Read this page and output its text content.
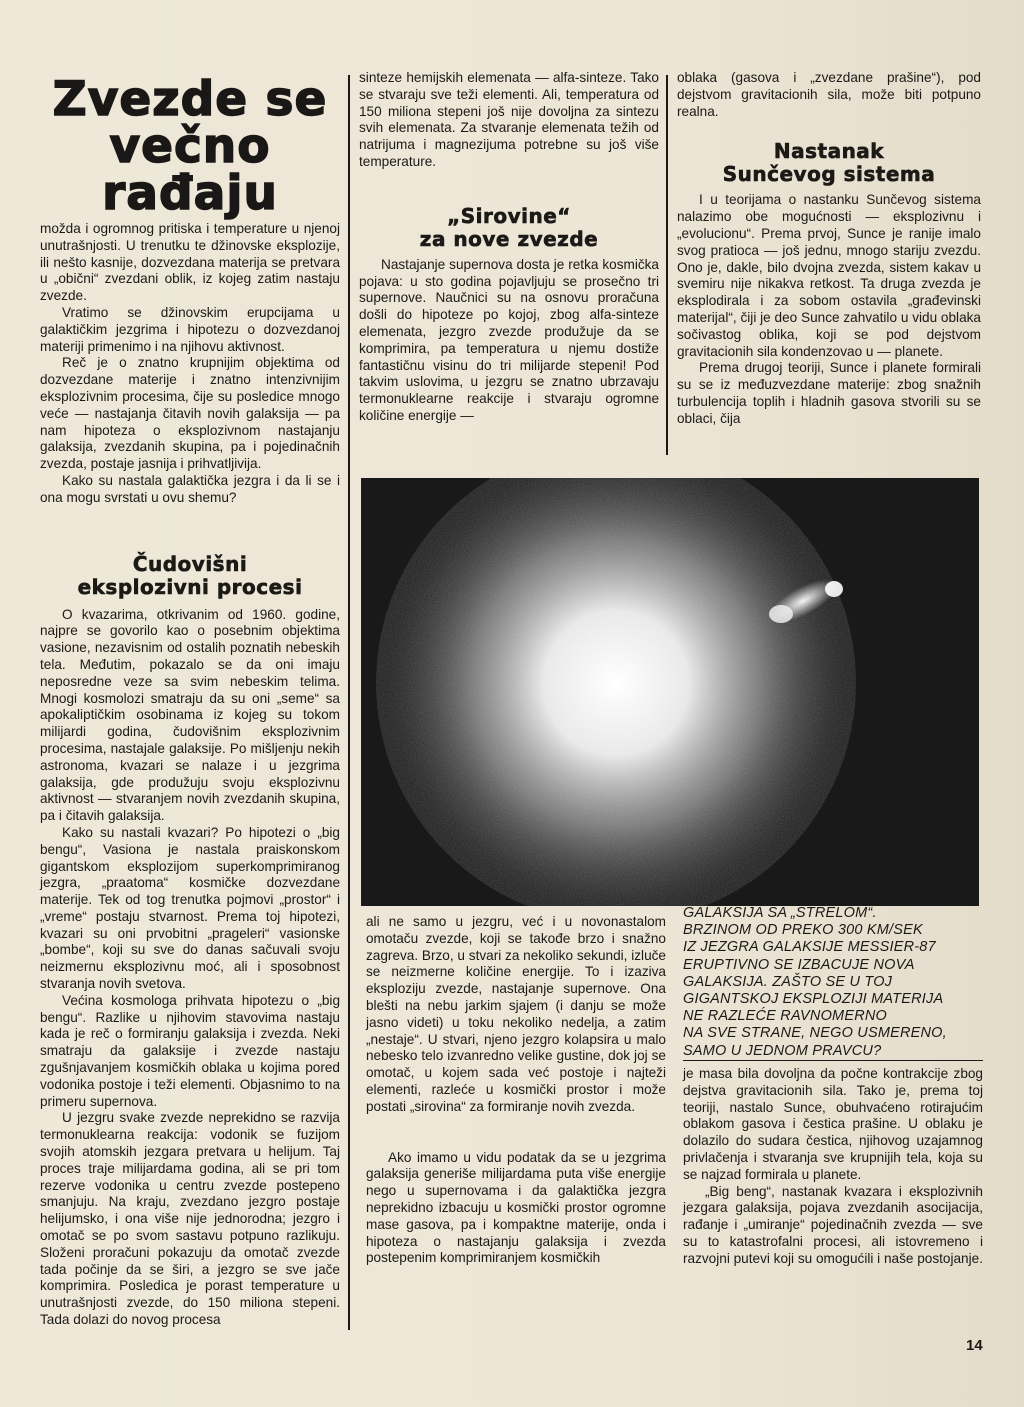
Zvezde se
večno rađaju

možda i ogromnog pritiska i temperature u njenoj unutrašnjosti. U trenutku te džinovske eksplozije, ili nešto kasnije, dozvezdana materija se pretvara u „obični“ zvezdani oblik, iz kojeg zatim nastaju zvezde.

Vratimo se džinovskim erupcijama u galaktičkim jezgrima i hipotezu o dozvezdanoj materiji primenimo i na njihovu aktivnost.

Reč je o znatno krupnijim objektima od dozvezdane materije i znatno intenzivnijim eksplozivnim procesima, čije su posledice mnogo veće — nastajanja čitavih novih galaksija — pa nam hipoteza o eksplozivnom nastajanju galaksija, zvezdanih skupina, pa i pojedinačnih zvezda, postaje jasnija i prihvatljivija.

Kako su nastala galaktička jezgra i da li se i ona mogu svrstati u ovu shemu?

Čudovišni
eksplozivni procesi

O kvazarima, otkrivanim od 1960. godine, najpre se govorilo kao o posebnim objektima vasione, nezavisnim od ostalih poznatih nebeskih tela. Međutim, pokazalo se da oni imaju neposredne veze sa svim nebeskim telima. Mnogi kosmolozi smatraju da su oni „seme“ sa apokaliptičkim osobinama iz kojeg su tokom milijardi godina, čudovišnim eksplozivnim procesima, nastajale galaksije. Po mišljenju nekih astronoma, kvazari se nalaze i u jezgrima galaksija, gde produžuju svoju eksplozivnu aktivnost — stvaranjem novih zvezdanih skupina, pa i čitavih galaksija.

Kako su nastali kvazari? Po hipotezi o „big bengu“, Vasiona je nastala praiskonskom gigantskom eksplozijom superkomprimiranog jezgra, „praatoma“ kosmičke dozvezdane materije. Tek od tog trenutka pojmovi „prostor“ i „vreme“ postaju stvarnost. Prema toj hipotezi, kvazari su oni prvobitni „prageleri“ vasionske „bombe“, koji su sve do danas sačuvali svoju neizmernu eksplozivnu moć, ali i sposobnost stvaranja novih svetova.

Većina kosmologa prihvata hipotezu o „big bengu“. Razlike u njihovim stavovima nastaju kada je reč o formiranju galaksija i zvezda. Neki smatraju da galaksije i zvezde nastaju zgušnjavanjem kosmičkih oblaka u kojima pored vodonika postoje i teži elementi. Objasnimo to na primeru supernova.

U jezgru svake zvezde neprekidno se razvija termonuklearna reakcija: vodonik se fuzijom svojih atomskih jezgara pretvara u helijum. Taj proces traje milijardama godina, ali se pri tom rezerve vodonika u centru zvezde postepeno smanjuju. Na kraju, zvezdano jezgro postaje helijumsko, i ona više nije jednorodna; jezgro i omotač se po svom sastavu potpuno razlikuju. Složeni proračuni pokazuju da omotač zvezde tada počinje da se širi, a jezgro se sve jače komprimira. Posledica je porast temperature u unutrašnjosti zvezde, do 150 miliona stepeni. Tada dolazi do novog procesa

sinteze hemijskih elemenata — alfa-sinteze. Tako se stvaraju sve teži elementi. Ali, temperatura od 150 miliona stepeni još nije dovoljna za sintezu svih elemenata. Za stvaranje elemenata težih od natrijuma i magnezijuma potrebne su još više temperature.

„Sirovine“
za nove zvezde

Nastajanje supernova dosta je retka kosmička pojava: u sto godina pojavljuju se prosečno tri supernove. Naučnici su na osnovu proračuna došli do hipoteze po kojoj, zbog alfa-sinteze elemenata, jezgro zvezde produžuje da se komprimira, pa temperatura u njemu dostiže fantastičnu visinu do tri milijarde stepeni! Pod takvim uslovima, u jezgru se znatno ubrzavaju termonuklearne reakcije i stvaraju ogromne količine energije —

oblaka (gasova i „zvezdane prašine“), pod dejstvom gravitacionih sila, može biti potpuno realna.

Nastanak
Sunčevog sistema

I u teorijama o nastanku Sunčevog sistema nalazimo obe mogućnosti — eksplozivnu i „evolucionu“. Prema prvoj, Sunce je ranije imalo svog pratioca — još jednu, mnogo stariju zvezdu. Ono je, dakle, bilo dvojna zvezda, sistem kakav u svemiru nije nikakva retkost. Ta druga zvezda je eksplodirala i za sobom ostavila „građevinski materijal“, čiji je deo Sunce zahvatilo u vidu oblaka sočivastog oblika, koji se pod dejstvom gravitacionih sila kondenzovao u — planete.

Prema drugoj teoriji, Sunce i planete formirali su se iz međuzvezdane materije: zbog snažnih turbulencija toplih i hladnih gasova stvorili su se oblaci, čija

ali ne samo u jezgru, već i u novonastalom omotaču zvezde, koji se takođe brzo i snažno zagreva. Brzo, u stvari za nekoliko sekundi, izluče se neizmerne količine energije. To i izaziva eksploziju zvezde, nastajanje supernove. Ona blešti na nebu jarkim sjajem (i danju se može jasno videti) u toku nekoliko nedelja, a zatim „nestaje“. U stvari, njeno jezgro kolapsira u malo nebesko telo izvanredno velike gustine, dok joj se omotač, u kojem sada već postoje i najteži elementi, razleće u kosmički prostor i može postati „sirovina“ za formiranje novih zvezda.

Ako imamo u vidu podatak da se u jezgrima galaksija generiše milijardama puta više energije nego u supernovama i da galaktička jezgra neprekidno izbacuju u kosmički prostor ogromne mase gasova, pa i kompaktne materije, onda i hipoteza o nastajanju galaksija i zvezda postepenim komprimiranjem kosmičkih

GALAKSIJA SA „STRELOM“.
BRZINOM OD PREKO 300 KM/SEK
IZ JEZGRA GALAKSIJE MESSIER-87
ERUPTIVNO SE IZBACUJE NOVA
GALAKSIJA. ZAŠTO SE U TOJ
GIGANTSKOJ EKSPLOZIJI MATERIJA
NE RAZLEĆE RAVNOMERNO
NA SVE STRANE, NEGO USMERENO,
SAMO U JEDNOM PRAVCU?

je masa bila dovoljna da počne kontrakcije zbog dejstva gravitacionih sila. Tako je, prema toj teoriji, nastalo Sunce, obuhvaćeno rotirajućim oblakom gasova i čestica prašine. U oblaku je dolazilo do sudara čestica, njihovog uzajamnog privlačenja i stvaranja sve krupnijih tela, koja su se najzad formirala u planete.

„Big beng“, nastanak kvazara i eksplozivnih jezgara galaksija, pojava zvezdanih asocijacija, rađanje i „umiranje“ pojedinačnih zvezda — sve su to katastrofalni procesi, ali istovremeno i razvojni putevi koji su omogućili i naše postojanje.

14
